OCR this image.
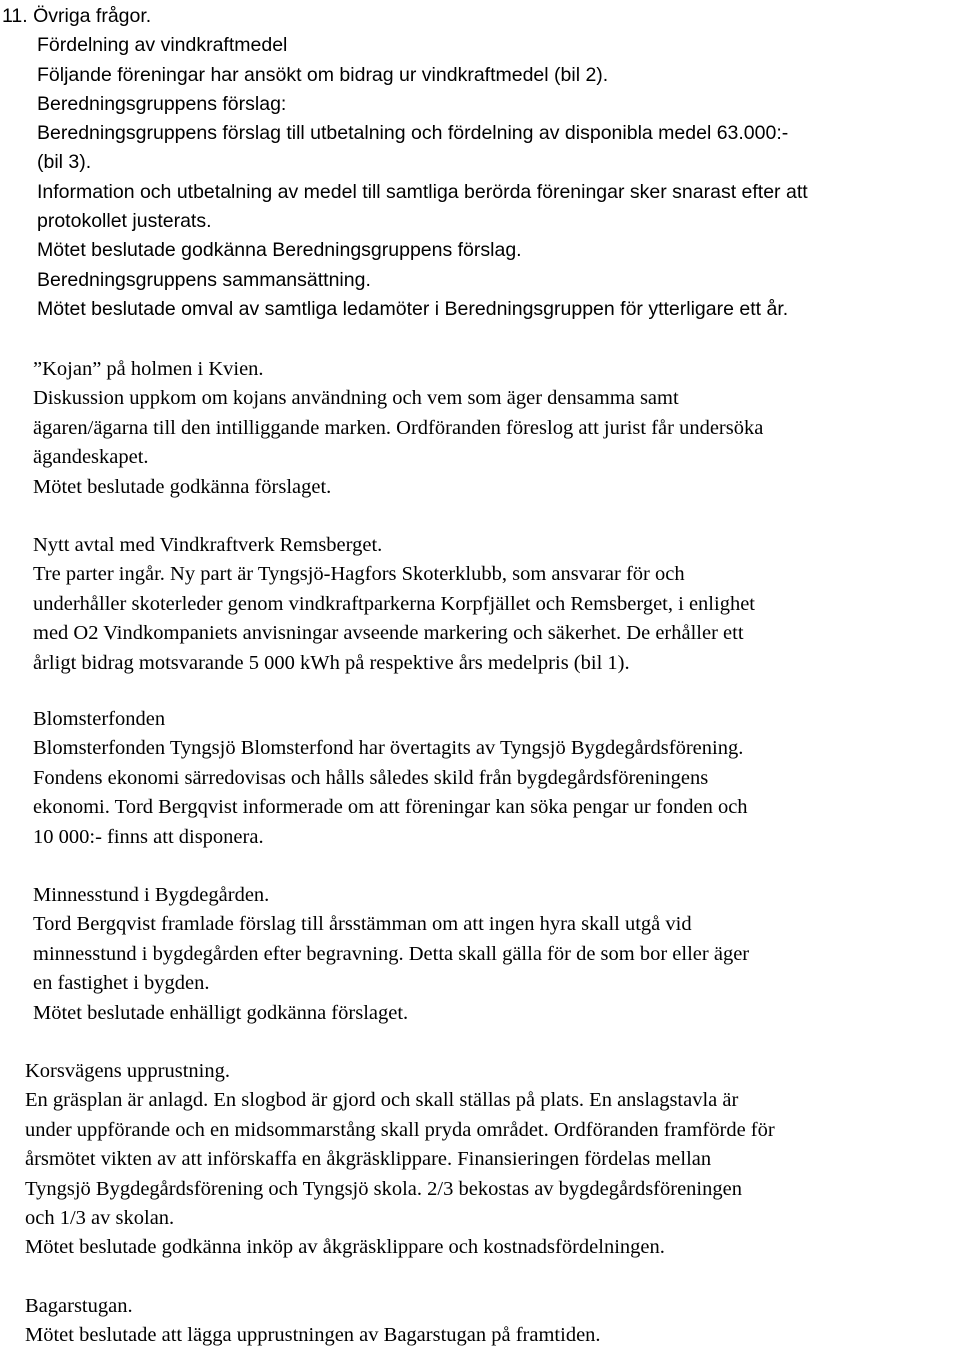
11. Övriga frågor.
Fördelning av vindkraftmedel
Följande föreningar har ansökt om bidrag ur vindkraftmedel (bil 2).
Beredningsgruppens förslag:
Beredningsgruppens förslag till utbetalning och fördelning av disponibla medel 63.000:-
(bil 3).
Information och utbetalning av medel till samtliga berörda föreningar sker snarast efter att
protokollet justerats.
Mötet beslutade godkänna Beredningsgruppens förslag.
Beredningsgruppens sammansättning.
Mötet beslutade omval av samtliga ledamöter i Beredningsgruppen för ytterligare ett år.
”Kojan” på holmen i Kvien.
Diskussion uppkom om kojans användning och vem som äger densamma samt
ägaren/ägarna till den intilliggande marken. Ordföranden föreslog att jurist får undersöka
ägandeskapet.
Mötet beslutade godkänna förslaget.
Nytt avtal med Vindkraftverk Remsberget.
Tre parter ingår. Ny part är Tyngsjö-Hagfors Skoterklubb, som ansvarar för och
underhåller skoterleder genom vindkraftparkerna Korpfjället och Remsberget, i enlighet
med O2 Vindkompaniets anvisningar avseende markering och säkerhet. De erhåller ett
årligt bidrag motsvarande 5 000 kWh på respektive års medelpris (bil 1).
Blomsterfonden
Blomsterfonden Tyngsjö Blomsterfond har övertagits av Tyngsjö Bygdegårdsförening.
Fondens ekonomi särredovisas och hålls således skild från bygdegårdsföreningens
ekonomi. Tord Bergqvist informerade om att föreningar kan söka pengar ur fonden och
10 000:- finns att disponera.
Minnesstund i Bygdegården.
Tord Bergqvist framlade förslag till årsstämman om att ingen hyra skall utgå vid
minnesstund i bygdegården efter begravning. Detta skall gälla för de som bor eller äger
en fastighet i bygden.
Mötet beslutade enhälligt godkänna förslaget.
Korsvägens upprustning.
En gräsplan är anlagd. En slogbod är gjord och skall ställas på plats. En anslagstavla är
under uppförande och en midsommarstång skall pryda området. Ordföranden framförde för
årsmötet vikten av att införskaffa en åkgräsklippare. Finansieringen fördelas mellan
Tyngsjö Bygdegårdsförening och Tyngsjö skola. 2/3 bekostas av bygdegårdsföreningen
och 1/3 av skolan.
Mötet beslutade godkänna inköp av åkgräsklippare och kostnadsfördelningen.
Bagarstugan.
Mötet beslutade att lägga upprustningen av Bagarstugan på framtiden.
